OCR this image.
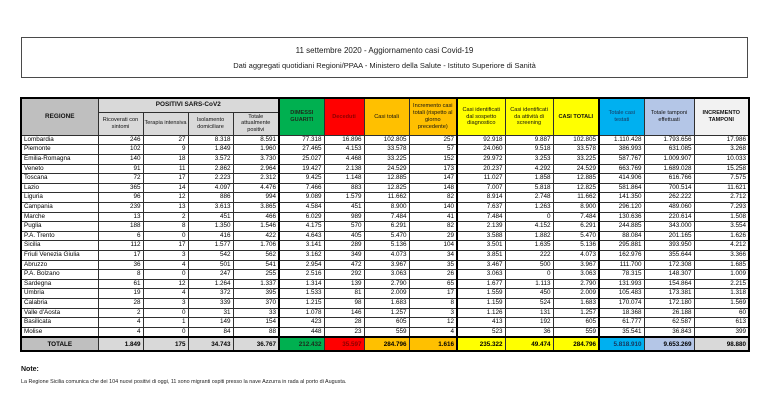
11 settembre 2020 - Aggiornamento casi Covid-19
Dati aggregati quotidiani Regioni/PPAA - Ministero della Salute - Istituto Superiore di Sanità
REGIONE	POSITIVI SARS-CoV2				DIMESSI GUARITI	Deceduti	Casi totali	Incremento casi totali (rispetto al giorno precedente)	Casi identificati dal sospetto diagnostico	Casi identificati da attività di screening	CASI TOTALI	Totale casi testati	Totale tamponi effettuati	INCREMENTO TAMPONI
	Ricoverati con sintomi	Terapia intensiva	Isolamento domiciliare	Totale attualmente positivi										
Lombardia	246	27	8.318	8.591	77.318	16.896	102.805	257	92.918	9.887	102.805	1.110.428	1.793.656	17.986
Piemonte	102	9	1.849	1.960	27.465	4.153	33.578	57	24.060	9.518	33.578	386.993	631.085	3.268
Emilia-Romagna	140	18	3.572	3.730	25.027	4.468	33.225	152	29.972	3.253	33.225	587.767	1.009.907	10.033
Veneto	91	11	2.862	2.964	19.427	2.138	24.529	173	20.237	4.292	24.529	663.769	1.689.028	15.258
Toscana	72	17	2.223	2.312	9.425	1.148	12.885	147	11.027	1.858	12.885	414.906	616.766	7.575
Lazio	365	14	4.097	4.476	7.466	883	12.825	148	7.007	5.818	12.825	581.864	700.514	11.621
Liguria	96	12	886	994	9.089	1.579	11.662	82	8.914	2.748	11.662	141.350	262.222	2.712
Campania	239	13	3.613	3.865	4.584	451	8.900	140	7.637	1.263	8.900	296.120	489.060	7.293
Marche	13	2	451	466	6.029	989	7.484	41	7.484	0	7.484	130.636	220.614	1.508
Puglia	188	8	1.350	1.546	4.175	570	6.291	82	2.139	4.152	6.291	244.885	343.000	3.554
P.A. Trento	6	0	416	422	4.643	405	5.470	29	3.588	1.882	5.470	88.084	201.165	1.626
Sicilia	112	17	1.577	1.706	3.141	289	5.136	104	3.501	1.635	5.136	295.881	393.950	4.212
Friuli Venezia Giulia	17	3	542	562	3.162	349	4.073	34	3.851	222	4.073	162.976	355.644	3.366
Abruzzo	36	4	501	541	2.954	472	3.967	35	3.467	500	3.967	111.700	172.308	1.685
P.A. Bolzano	8	0	247	255	2.516	292	3.063	26	3.063	0	3.063	78.315	148.307	1.009
Sardegna	61	12	1.264	1.337	1.314	139	2.790	65	1.677	1.113	2.790	131.993	154.864	2.215
Umbria	19	4	372	395	1.533	81	2.009	17	1.559	450	2.009	105.483	173.381	1.318
Calabria	28	3	339	370	1.215	98	1.683	8	1.159	524	1.683	170.074	172.180	1.569
Valle d'Aosta	2	0	31	33	1.078	146	1.257	3	1.126	131	1.257	18.368	26.188	60
Basilicata	4	1	149	154	423	28	605	12	413	192	605	61.777	62.587	613
Molise	4	0	84	88	448	23	559	4	523	36	559	35.541	36.843	399
TOTALE	1.849	175	34.743	36.767	212.432	35.597	284.796	1.616	235.322	49.474	284.796	5.818.910	9.653.269	98.880
Note:
La Regione Sicilia comunica che dei 104 nuovi positivi di oggi, 11 sono migranti ospiti presso la nave Azzurra in rada al porto di Augusta.
